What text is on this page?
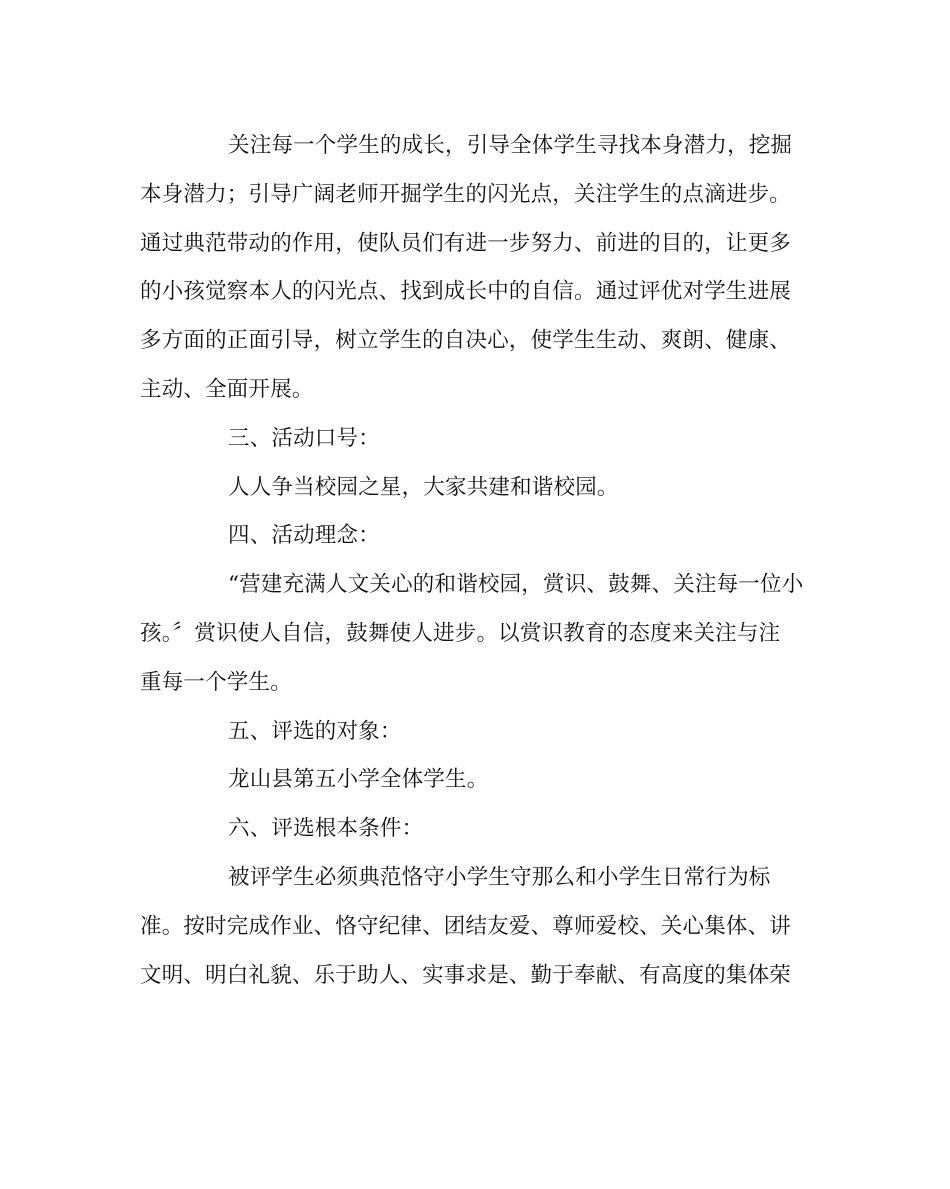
关注每一个学生的成长，引导全体学生寻找本身潜力，挖掘
本身潜力；引导广阔老师开掘学生的闪光点，关注学生的点滴进步。
通过典范带动的作用，使队员们有进一步努力、前进的目的，让更多
的小孩觉察本人的闪光点、找到成长中的自信。通过评优对学生进展
多方面的正面引导，树立学生的自决心，使学生生动、爽朗、健康、
主动、全面开展。
三、活动口号：
人人争当校园之星，大家共建和谐校园。
四、活动理念：
“营建充满人文关心的和谐校园，赏识、鼓舞、关注每一位小
孩。〞赏识使人自信，鼓舞使人进步。以赏识教育的态度来关注与注
重每一个学生。
五、评选的对象：
龙山县第五小学全体学生。
六、评选根本条件：
被评学生必须典范恪守小学生守那么和小学生日常行为标
准。按时完成作业、恪守纪律、团结友爱、尊师爱校、关心集体、讲
文明、明白礼貌、乐于助人、实事求是、勤于奉献、有高度的集体荣
